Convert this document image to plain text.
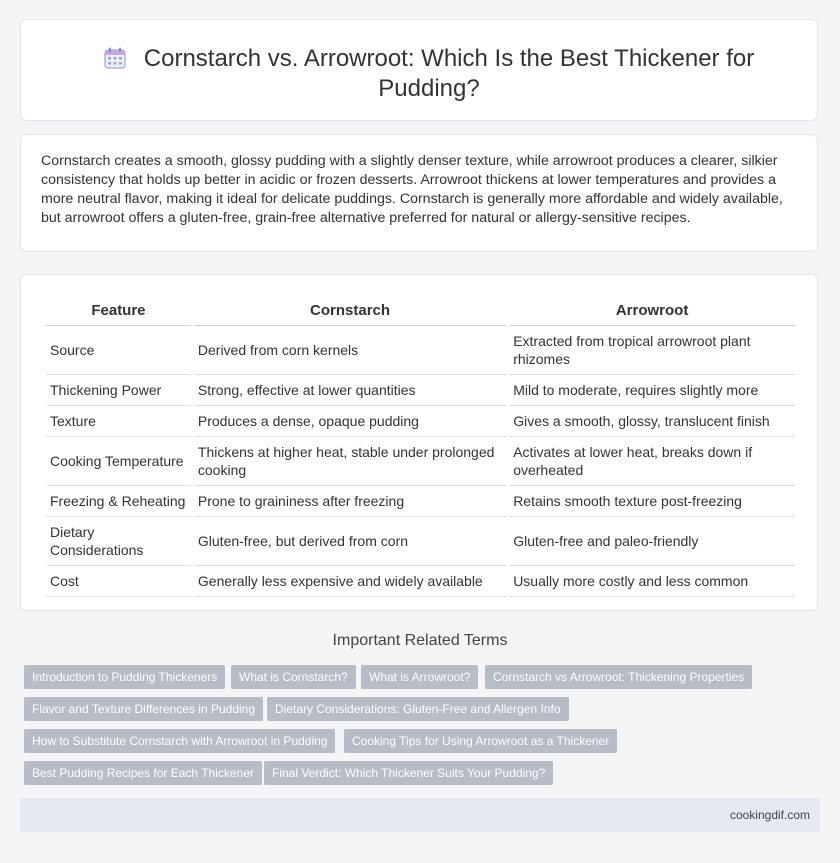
Cornstarch vs. Arrowroot: Which Is the Best Thickener for Pudding?
Cornstarch creates a smooth, glossy pudding with a slightly denser texture, while arrowroot produces a clearer, silkier consistency that holds up better in acidic or frozen desserts. Arrowroot thickens at lower temperatures and provides a more neutral flavor, making it ideal for delicate puddings. Cornstarch is generally more affordable and widely available, but arrowroot offers a gluten-free, grain-free alternative preferred for natural or allergy-sensitive recipes.
Feature	Cornstarch	Arrowroot
Source	Derived from corn kernels	Extracted from tropical arrowroot plant rhizomes
Thickening Power	Strong, effective at lower quantities	Mild to moderate, requires slightly more
Texture	Produces a dense, opaque pudding	Gives a smooth, glossy, translucent finish
Cooking Temperature	Thickens at higher heat, stable under prolonged cooking	Activates at lower heat, breaks down if overheated
Freezing & Reheating	Prone to graininess after freezing	Retains smooth texture post-freezing
Dietary Considerations	Gluten-free, but derived from corn	Gluten-free and paleo-friendly
Cost	Generally less expensive and widely available	Usually more costly and less common
Important Related Terms
Introduction to Pudding Thickeners	What is Cornstarch?	What is Arrowroot?	Cornstarch vs Arrowroot: Thickening Properties
Flavor and Texture Differences in Pudding	Dietary Considerations: Gluten-Free and Allergen Info
How to Substitute Cornstarch with Arrowroot in Pudding	Cooking Tips for Using Arrowroot as a Thickener
Best Pudding Recipes for Each Thickener	Final Verdict: Which Thickener Suits Your Pudding?
cookingdif.com
